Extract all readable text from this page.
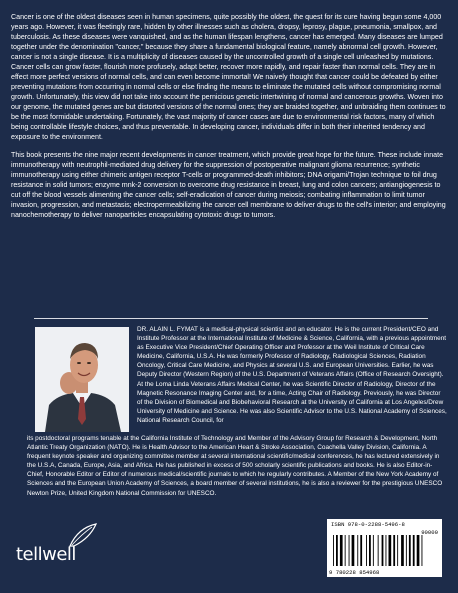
Cancer is one of the oldest diseases seen in human specimens, quite possibly the oldest, the quest for its cure having begun some 4,000 years ago. However, it was fleetingly rare, hidden by other illnesses such as cholera, dropsy, leprosy, plague, pneumonia, smallpox, and tuberculosis. As these diseases were vanquished, and as the human lifespan lengthens, cancer has emerged. Many diseases are lumped together under the denomination "cancer," because they share a fundamental biological feature, namely abnormal cell growth. However, cancer is not a single disease. It is a multiplicity of diseases caused by the uncontrolled growth of a single cell unleashed by mutations. Cancer cells can grow faster, flourish more profusely, adapt better, recover more rapidly, and repair faster than normal cells. They are in effect more perfect versions of normal cells, and can even become immortal! We naively thought that cancer could be defeated by either preventing mutations from occurring in normal cells or else finding the means to eliminate the mutated cells without compromising normal growth. Unfortunately, this view did not take into account the pernicious genetic intertwining of normal and cancerous growths. Woven into our genome, the mutated genes are but distorted versions of the normal ones; they are braided together, and unbraiding them continues to be the most formidable undertaking. Fortunately, the vast majority of cancer cases are due to environmental risk factors, many of which being controllable lifestyle choices, and thus preventable. In developing cancer, individuals differ in both their inherited tendency and exposure to the environment.

This book presents the nine major recent developments in cancer treatment, which provide great hope for the future. These include innate immunotherapy with neutrophil-mediated drug delivery for the suppression of postoperative malignant glioma recurrence; synthetic immunotherapy using either chimeric antigen receptor T-cells or programmed-death inhibitors; DNA origami/Trojan technique to foil drug resistance in solid tumors; enzyme mnk-2 conversion to overcome drug resistance in breast, lung and colon cancers; antiangiogenesis to cut off the blood vessels alimenting the cancer cells; self-eradication of cancer during meiosis; combating inflammation to limit tumor invasion, progression, and metastasis; electropermeabilizing the cancer cell membrane to deliver drugs to the cell's interior; and employing nanochemotherapy to deliver nanoparticles encapsulating cytotoxic drugs to tumors.

DR. ALAIN L. FYMAT is a medical-physical scientist and an educator. He is the current President/CEO and Institute Professor at the International Institute of Medicine & Science, California, with a previous appointment as Executive Vice President/Chief Operating Officer and Professor at the Weil Institute of Critical Care Medicine, California, U.S.A. He was formerly Professor of Radiology, Radiological Sciences, Radiation Oncology, Critical Care Medicine, and Physics at several U.S. and European Universities. Earlier, he was Deputy Director (Western Region) of the U.S. Department of Veterans Affairs (Office of Research Oversight). At the Loma Linda Veterans Affairs Medical Center, he was Scientific Director of Radiology, Director of the Magnetic Resonance Imaging Center and, for a time, Acting Chair of Radiology. Previously, he was Director of the Division of Biomedical and Biobehavioral Research at the University of California at Los Angeles/Drew University of Medicine and Science. He was also Scientific Advisor to the U.S. National Academy of Sciences, National Research Council, for

its postdoctoral programs tenable at the California Institute of Technology and Member of the Advisory Group for Research & Development, North Atlantic Treaty Organization (NATO). He is Health Advisor to the American Heart & Stroke Association, Coachella Valley Division, California. A frequent keynote speaker and organizing committee member at several international scientific/medical conferences, he has lectured extensively in the U.S.A, Canada, Europe, Asia, and Africa. He has published in excess of 500 scholarly scientific publications and books. He is also Editor-in-Chief, Honorable Editor or Editor of numerous medical/scientific journals to which he regularly contributes. A Member of the New York Academy of Sciences and the European Union Academy of Sciences, a board member of several institutions, he is also a reviewer for the prestigious UNESCO Newton Prize, United Kingdom National Commission for UNESCO.

tellwell
ISBN 978-0-2288-5496-8
90000
9 780228 854968
